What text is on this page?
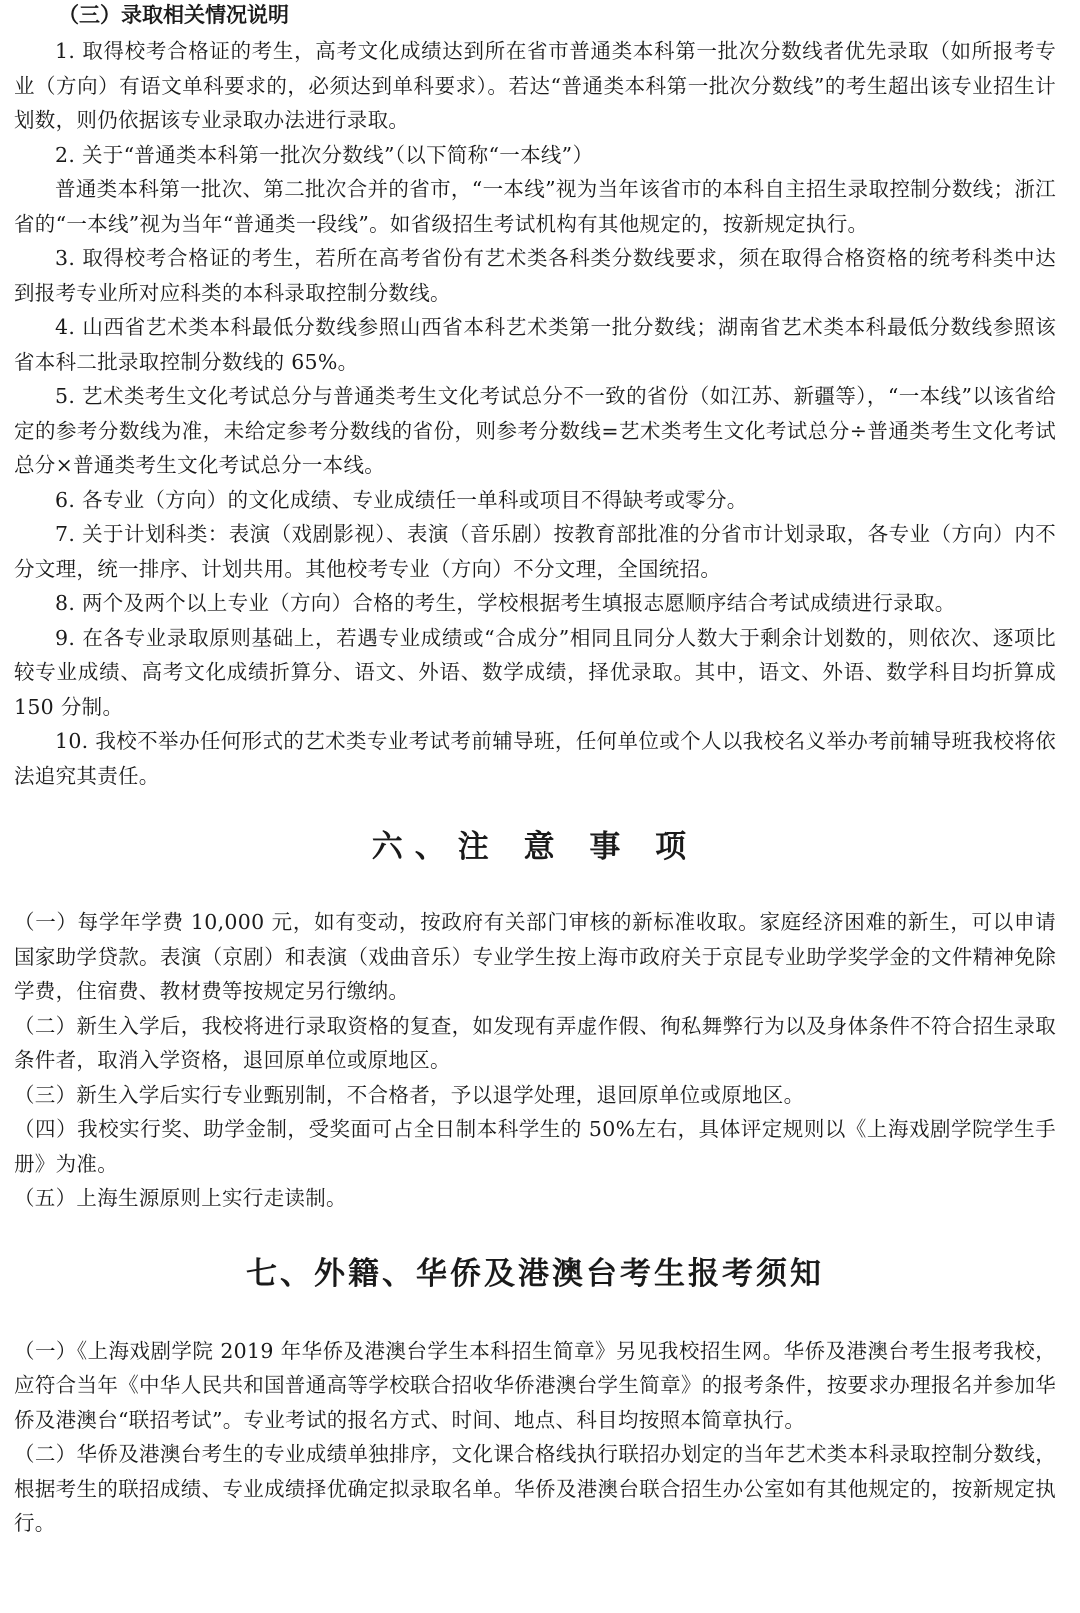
（三）录取相关情况说明

1. 取得校考合格证的考生，高考文化成绩达到所在省市普通类本科第一批次分数线者优先录取（如所报考专业（方向）有语文单科要求的，必须达到单科要求）。若达“普通类本科第一批次分数线”的考生超出该专业招生计划数，则仍依据该专业录取办法进行录取。

2. 关于“普通类本科第一批次分数线”（以下简称“一本线”）

普通类本科第一批次、第二批次合并的省市，“一本线”视为当年该省市的本科自主招生录取控制分数线；浙江省的“一本线”视为当年“普通类一段线”。如省级招生考试机构有其他规定的，按新规定执行。

3. 取得校考合格证的考生，若所在高考省份有艺术类各科类分数线要求，须在取得合格资格的统考科类中达到报考专业所对应科类的本科录取控制分数线。

4. 山西省艺术类本科最低分数线参照山西省本科艺术类第一批分数线；湖南省艺术类本科最低分数线参照该省本科二批录取控制分数线的 65%。

5. 艺术类考生文化考试总分与普通类考生文化考试总分不一致的省份（如江苏、新疆等），“一本线”以该省给定的参考分数线为准，未给定参考分数线的省份，则参考分数线=艺术类考生文化考试总分÷普通类考生文化考试总分×普通类考生文化考试总分一本线。

6. 各专业（方向）的文化成绩、专业成绩任一单科或项目不得缺考或零分。

7. 关于计划科类：表演（戏剧影视）、表演（音乐剧）按教育部批准的分省市计划录取，各专业（方向）内不分文理，统一排序、计划共用。其他校考专业（方向）不分文理，全国统招。

8. 两个及两个以上专业（方向）合格的考生，学校根据考生填报志愿顺序结合考试成绩进行录取。

9. 在各专业录取原则基础上，若遇专业成绩或“合成分”相同且同分人数大于剩余计划数的，则依次、逐项比较专业成绩、高考文化成绩折算分、语文、外语、数学成绩，择优录取。其中，语文、外语、数学科目均折算成 150 分制。

10. 我校不举办任何形式的艺术类专业考试考前辅导班，任何单位或个人以我校名义举办考前辅导班我校将依法追究其责任。

六、注 意 事 项

（一）每学年学费 10,000 元，如有变动，按政府有关部门审核的新标准收取。家庭经济困难的新生，可以申请国家助学贷款。表演（京剧）和表演（戏曲音乐）专业学生按上海市政府关于京昆专业助学奖学金的文件精神免除学费，住宿费、教材费等按规定另行缴纳。

（二）新生入学后，我校将进行录取资格的复查，如发现有弄虚作假、徇私舞弊行为以及身体条件不符合招生录取条件者，取消入学资格，退回原单位或原地区。

（三）新生入学后实行专业甄别制，不合格者，予以退学处理，退回原单位或原地区。

（四）我校实行奖、助学金制，受奖面可占全日制本科学生的 50%左右，具体评定规则以《上海戏剧学院学生手册》为准。

（五）上海生源原则上实行走读制。

七、外籍、华侨及港澳台考生报考须知

（一）《上海戏剧学院 2019 年华侨及港澳台学生本科招生简章》另见我校招生网。华侨及港澳台考生报考我校，应符合当年《中华人民共和国普通高等学校联合招收华侨港澳台学生简章》的报考条件，按要求办理报名并参加华侨及港澳台“联招考试”。专业考试的报名方式、时间、地点、科目均按照本简章执行。

（二）华侨及港澳台考生的专业成绩单独排序，文化课合格线执行联招办划定的当年艺术类本科录取控制分数线，根据考生的联招成绩、专业成绩择优确定拟录取名单。华侨及港澳台联合招生办公室如有其他规定的，按新规定执行。
